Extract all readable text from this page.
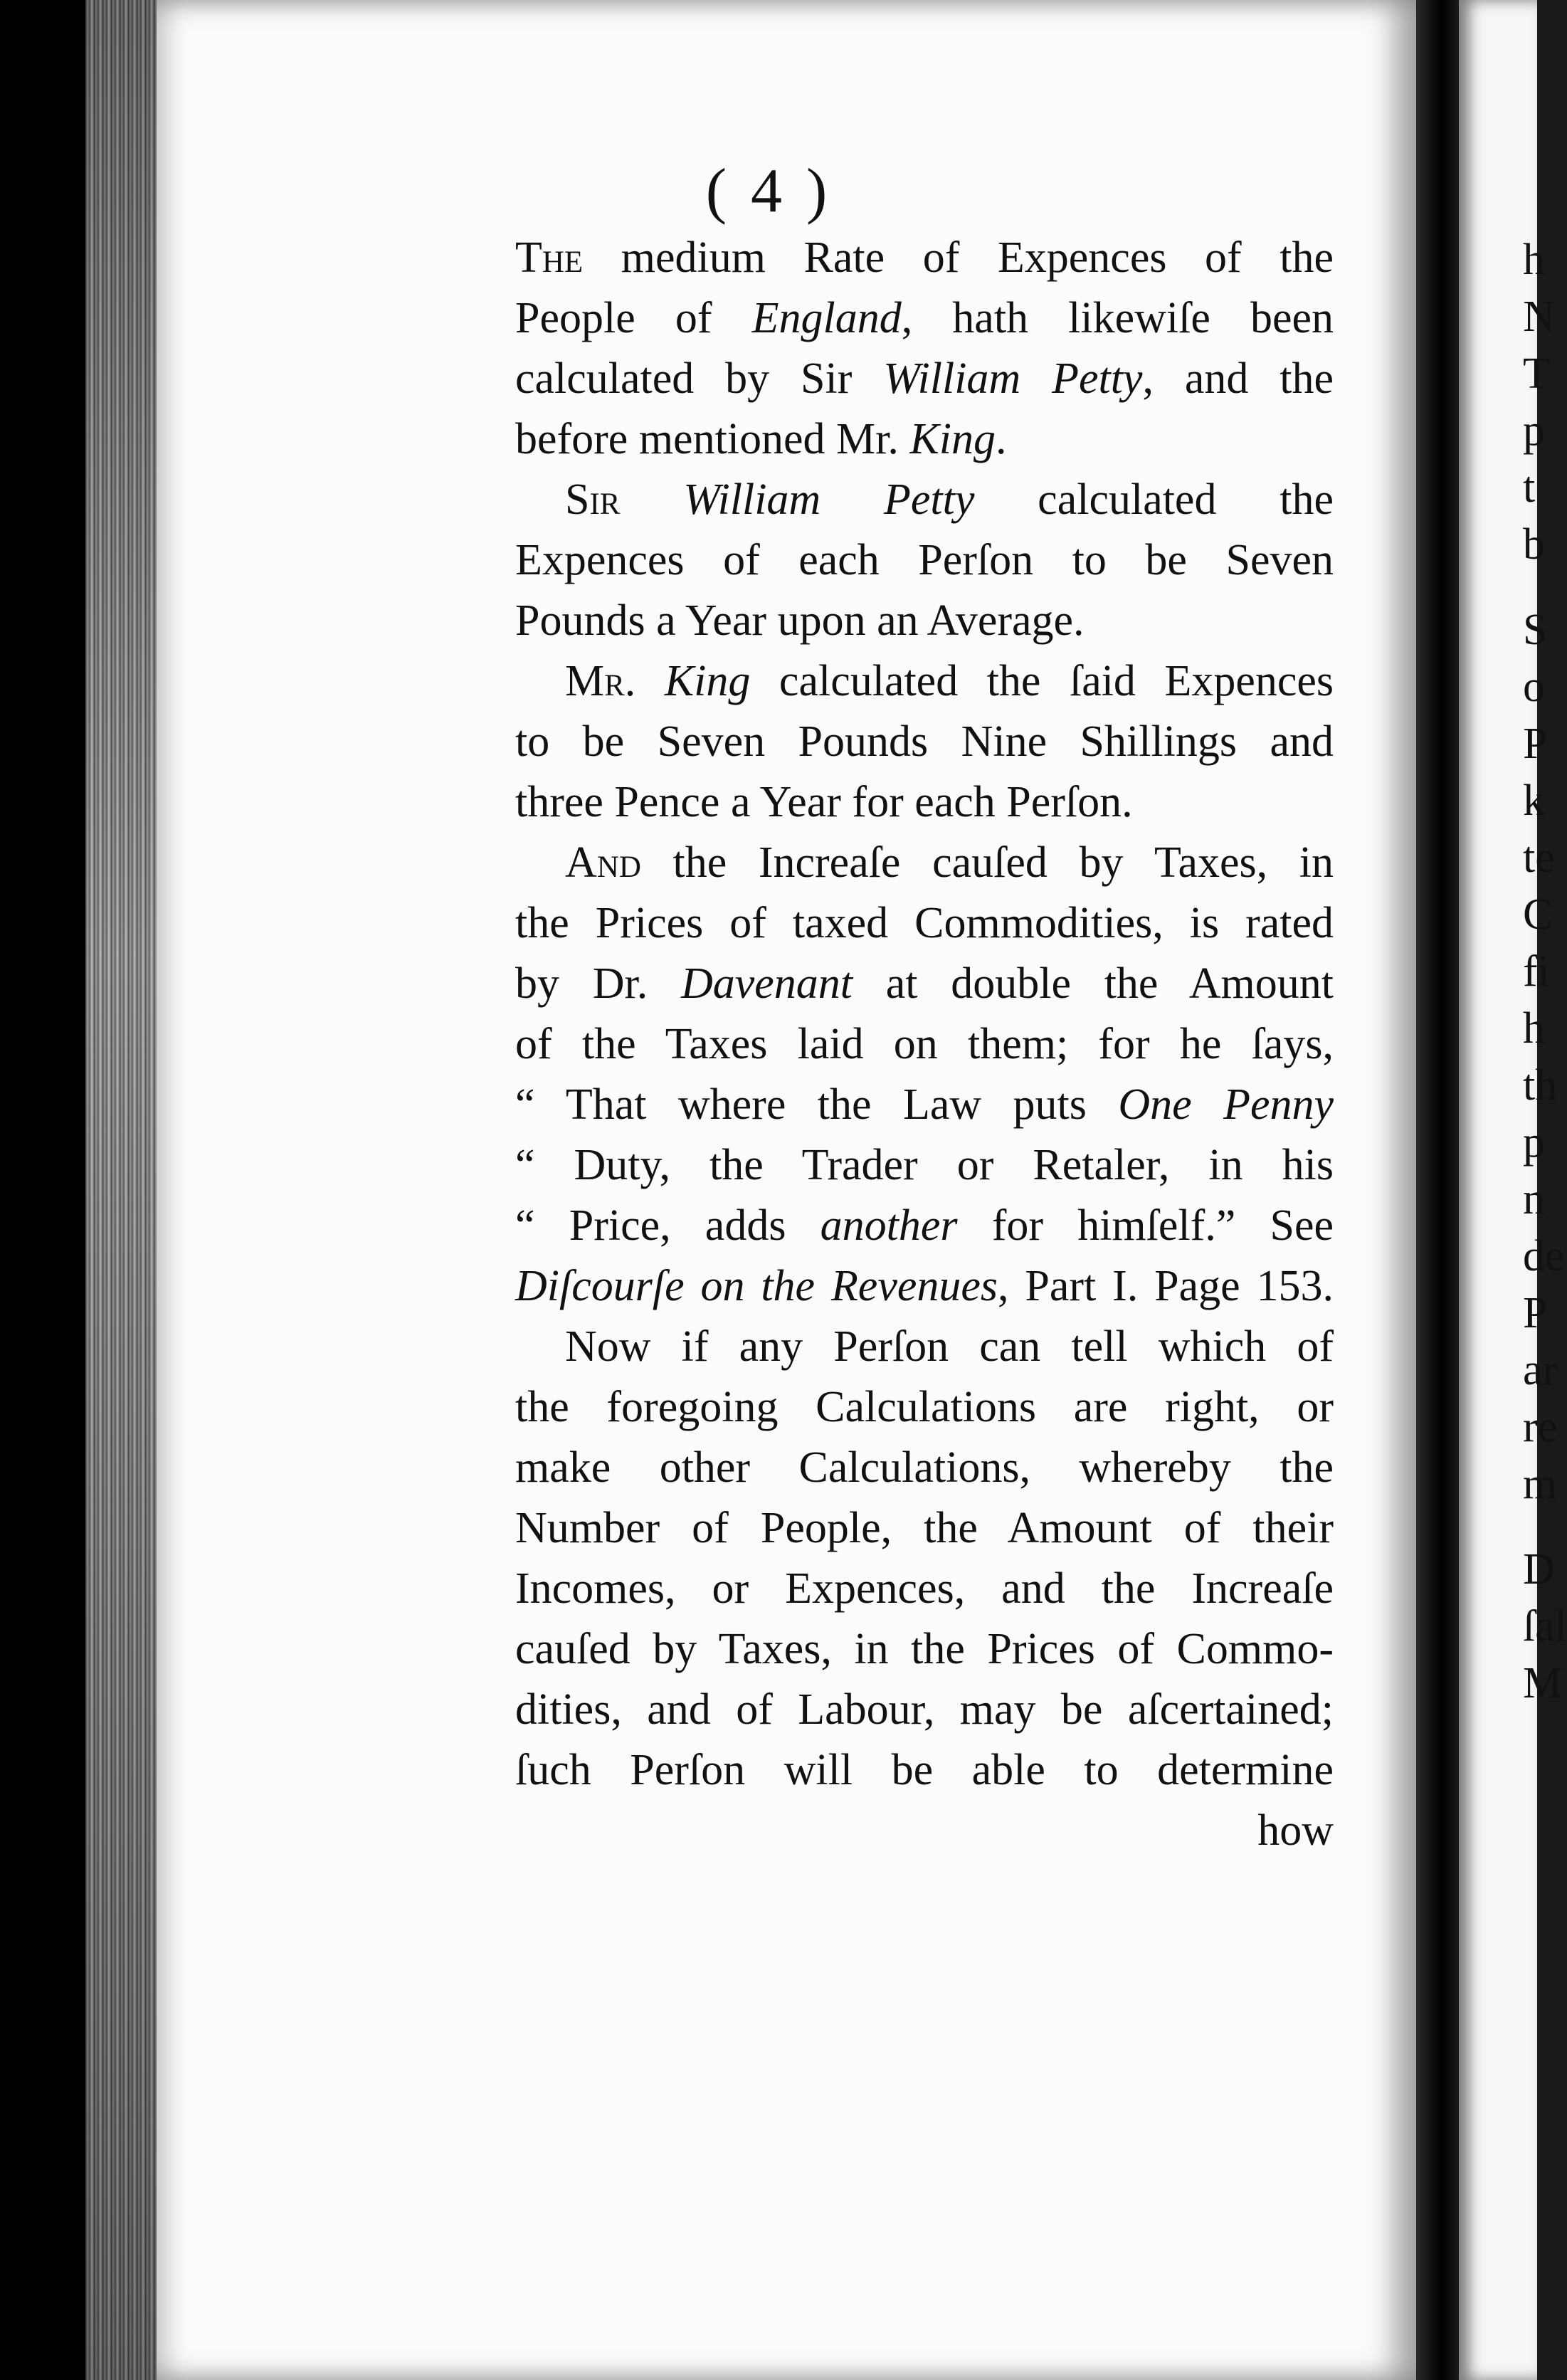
( 4 )
The medium Rate of Expences of the
People of England, hath likewiſe been
calculated by Sir William Petty, and the
before mentioned Mr. King.
Sir William Petty calculated the
Expences of each Perſon to be Seven
Pounds a Year upon an Average.
Mr. King calculated the ſaid Expences
to be Seven Pounds Nine Shillings and
three Pence a Year for each Perſon.
And the Increaſe cauſed by Taxes, in
the Prices of taxed Commodities, is rated
by Dr. Davenant at double the Amount
of the Taxes laid on them; for he ſays,
“ That where the Law puts One Penny
“ Duty, the Trader or Retaler, in his
“ Price, adds another for himſelf.” See
Diſcourſe on the Revenues, Part I. Page 153.
Now if any Perſon can tell which of
the foregoing Calculations are right, or
make other Calculations, whereby the
Number of People, the Amount of their
Incomes, or Expences, and the Increaſe
cauſed by Taxes, in the Prices of Commo-
dities, and of Labour, may be aſcertained;
ſuch Perſon will be able to determine
how
h
N
T
p
t
b
S
o
P
k
te
C
fi
h
th
p
n
de
P
ar
re
m
D
ſal
M
